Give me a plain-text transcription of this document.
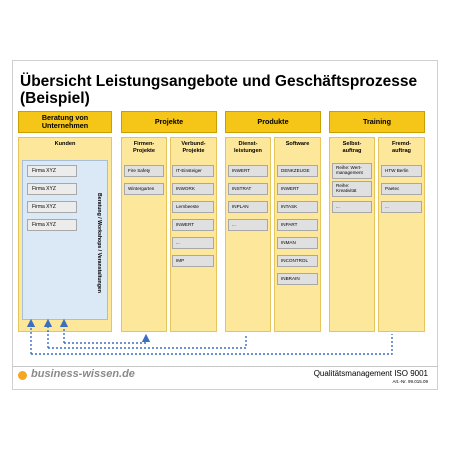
Übersicht Leistungsangebote und Geschäftsprozesse (Beispiel)
Beratung von Unternehmen	Projekte	Produkte	Training
Kunden
Firma XYZ
Firma XYZ
Firma XYZ
Firma XYZ	Beratung / Workshops / Veranstaltungen
Firmen-
Projekte
Verbund-
Projekte
Fire Safety
Wintergarten
IT-Einsteiger
INWORK
Lernbeeste
INWERT
...
IMP
Dienst-
leistungen
Software
INWERT
INSTRAT
INPLAN
...
DENKZEUGE
INWERT
INTASK
INPART
INMAN
INCONTROL
INBRAIN
Selbst-
auftrag
Fremd-
auftrag
Reihe: Wert-
management
Reihe:
Kreativität
...
HTW Berlin
Paetec
...
business-wissen.de	Qualitätsmanagement ISO 9001
Art.-Nr. 99.015.09
